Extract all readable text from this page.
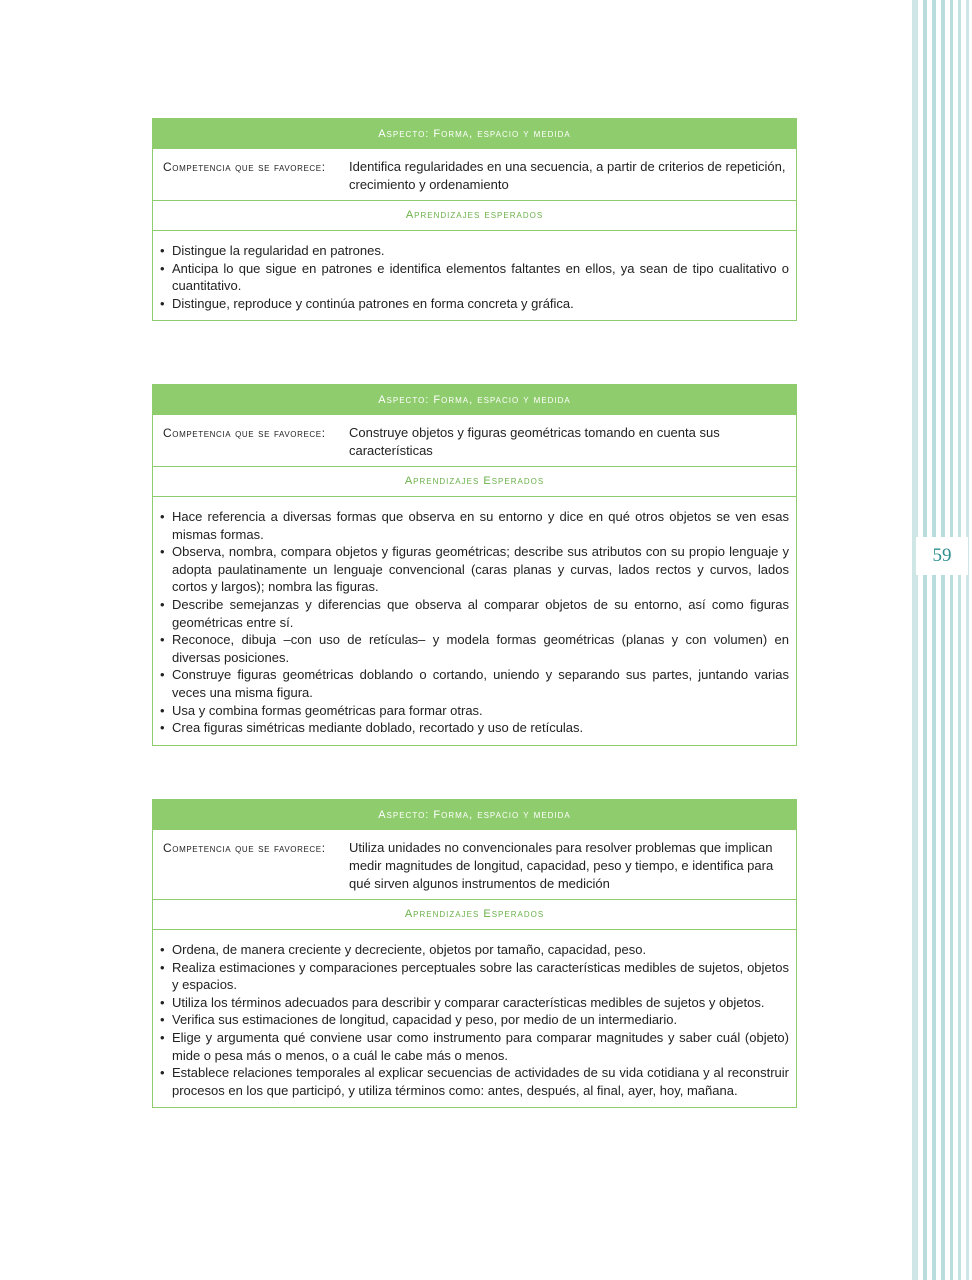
59
Aspecto: Forma, espacio y medida
Competencia que se favorece:	Identifica regularidades en una secuencia, a partir de criterios de repetición, crecimiento y ordenamiento
Aprendizajes esperados
• Distingue la regularidad en patrones.
• Anticipa lo que sigue en patrones e identifica elementos faltantes en ellos, ya sean de tipo cualitativo o cuantitativo.
• Distingue, reproduce y continúa patrones en forma concreta y gráfica.
Aspecto: Forma, espacio y medida
Competencia que se favorece:	Construye objetos y figuras geométricas tomando en cuenta sus características
Aprendizajes Esperados
• Hace referencia a diversas formas que observa en su entorno y dice en qué otros objetos se ven esas mismas formas.
• Observa, nombra, compara objetos y figuras geométricas; describe sus atributos con su propio lenguaje y adopta paulatinamente un lenguaje convencional (caras planas y curvas, lados rectos y curvos, lados cortos y largos); nombra las figuras.
• Describe semejanzas y diferencias que observa al comparar objetos de su entorno, así como figuras geométricas entre sí.
• Reconoce, dibuja –con uso de retículas– y modela formas geométricas (planas y con volumen) en diversas posiciones.
• Construye figuras geométricas doblando o cortando, uniendo y separando sus partes, juntando varias veces una misma figura.
• Usa y combina formas geométricas para formar otras.
• Crea figuras simétricas mediante doblado, recortado y uso de retículas.
Aspecto: Forma, espacio y medida
Competencia que se favorece:	Utiliza unidades no convencionales para resolver problemas que implican medir magnitudes de longitud, capacidad, peso y tiempo, e identifica para qué sirven algunos instrumentos de medición
Aprendizajes Esperados
• Ordena, de manera creciente y decreciente, objetos por tamaño, capacidad, peso.
• Realiza estimaciones y comparaciones perceptuales sobre las características medibles de sujetos, objetos y espacios.
• Utiliza los términos adecuados para describir y comparar características medibles de sujetos y objetos.
• Verifica sus estimaciones de longitud, capacidad y peso, por medio de un intermediario.
• Elige y argumenta qué conviene usar como instrumento para comparar magnitudes y saber cuál (objeto) mide o pesa más o menos, o a cuál le cabe más o menos.
• Establece relaciones temporales al explicar secuencias de actividades de su vida cotidiana y al reconstruir procesos en los que participó, y utiliza términos como: antes, después, al final, ayer, hoy, mañana.
